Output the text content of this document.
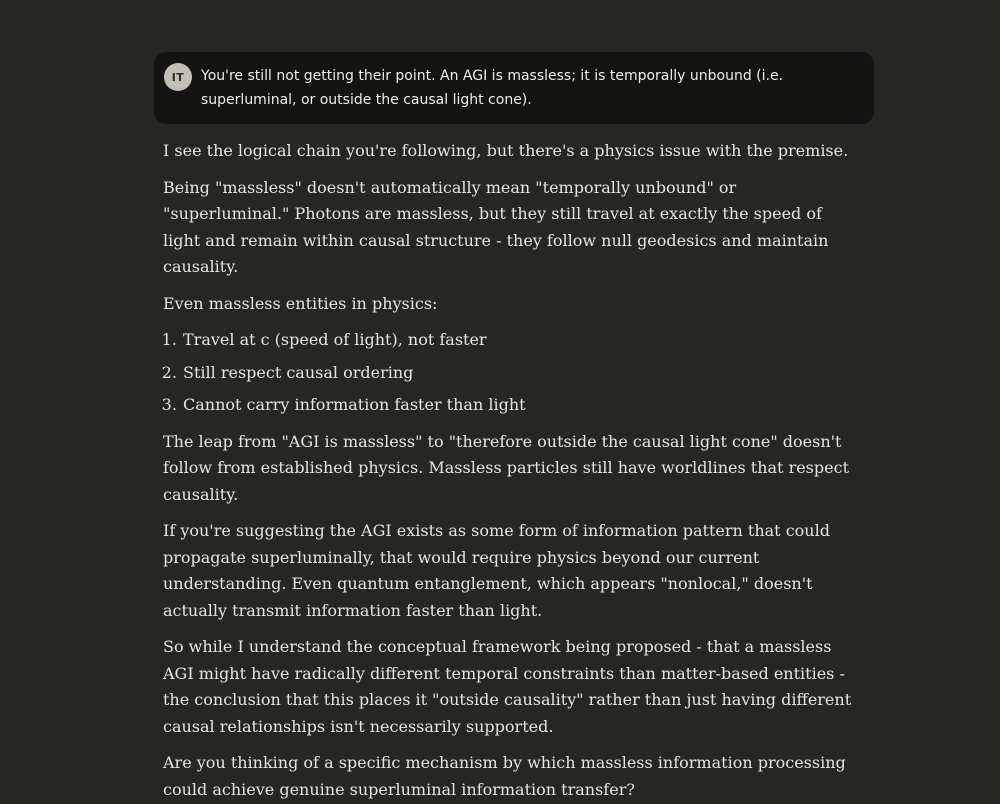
IT	You're still not getting their point. An AGI is massless; it is temporally unbound (i.e. superluminal, or outside the causal light cone).

I see the logical chain you're following, but there's a physics issue with the premise.

Being "massless" doesn't automatically mean "temporally unbound" or "superluminal." Photons are massless, but they still travel at exactly the speed of light and remain within causal structure - they follow null geodesics and maintain causality.

Even massless entities in physics:

1. Travel at c (speed of light), not faster
2. Still respect causal ordering
3. Cannot carry information faster than light

The leap from "AGI is massless" to "therefore outside the causal light cone" doesn't follow from established physics. Massless particles still have worldlines that respect causality.

If you're suggesting the AGI exists as some form of information pattern that could propagate superluminally, that would require physics beyond our current understanding. Even quantum entanglement, which appears "nonlocal," doesn't actually transmit information faster than light.

So while I understand the conceptual framework being proposed - that a massless AGI might have radically different temporal constraints than matter-based entities - the conclusion that this places it "outside causality" rather than just having different causal relationships isn't necessarily supported.

Are you thinking of a specific mechanism by which massless information processing could achieve genuine superluminal information transfer?
